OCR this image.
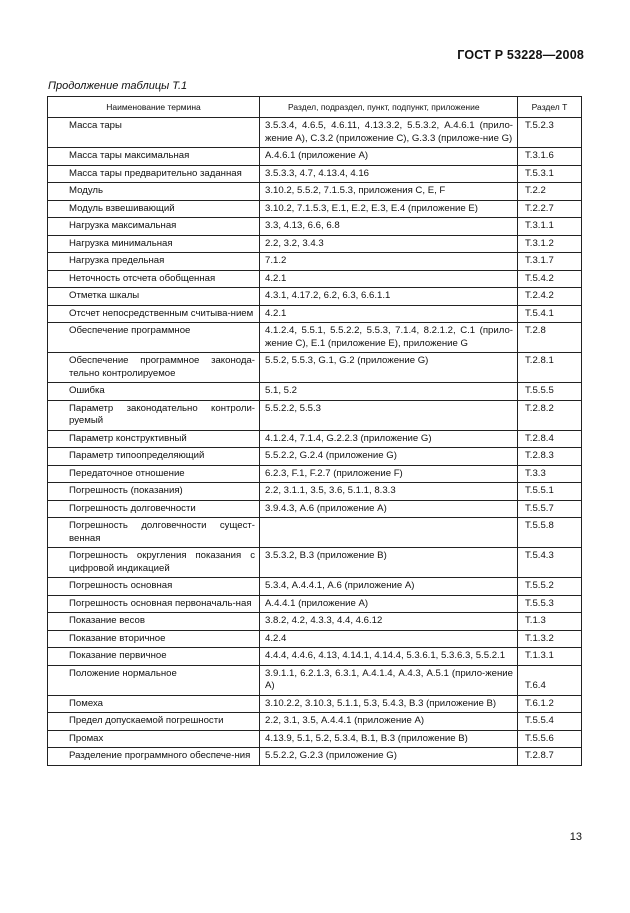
ГОСТ Р 53228—2008
Продолжение таблицы Т.1
Наименование термина	Раздел, подраздел, пункт, подпункт, приложение	Раздел Т
Масса тары	3.5.3.4, 4.6.5, 4.6.11, 4.13.3.2, 5.5.3.2, А.4.6.1 (прило-жение А), С.3.2 (приложение С), G.3.3 (приложе-ние G)	Т.5.2.3
Масса тары максимальная	А.4.6.1 (приложение А)	Т.3.1.6
Масса тары предварительно заданная	3.5.3.3, 4.7, 4.13.4, 4.16	Т.5.3.1
Модуль	3.10.2, 5.5.2, 7.1.5.3, приложения С, Е, F	Т.2.2
Модуль взвешивающий	3.10.2, 7.1.5.3, Е.1, Е.2, Е.3, Е.4 (приложение Е)	Т.2.2.7
Нагрузка максимальная	3.3, 4.13, 6.6, 6.8	Т.3.1.1
Нагрузка минимальная	2.2, 3.2, 3.4.3	Т.3.1.2
Нагрузка предельная	7.1.2	Т.3.1.7
Неточность отсчета обобщенная	4.2.1	Т.5.4.2
Отметка шкалы	4.3.1, 4.17.2, 6.2, 6.3, 6.6.1.1	Т.2.4.2
Отсчет непосредственным считыва-нием	4.2.1	Т.5.4.1
Обеспечение программное	4.1.2.4, 5.5.1, 5.5.2.2, 5.5.3, 7.1.4, 8.2.1.2, С.1 (прило-жение С), Е.1 (приложение Е), приложение G	Т.2.8
Обеспечение программное законода-тельно контролируемое	5.5.2, 5.5.3, G.1, G.2 (приложение G)	Т.2.8.1
Ошибка	5.1, 5.2	Т.5.5.5
Параметр законодательно контроли-руемый	5.5.2.2, 5.5.3	Т.2.8.2
Параметр конструктивный	4.1.2.4, 7.1.4, G.2.2.3 (приложение G)	Т.2.8.4
Параметр типоопределяющий	5.5.2.2, G.2.4 (приложение G)	Т.2.8.3
Передаточное отношение	6.2.3, F.1, F.2.7 (приложение F)	Т.3.3
Погрешность (показания)	2.2, 3.1.1, 3.5, 3.6, 5.1.1, 8.3.3	Т.5.5.1
Погрешность долговечности	3.9.4.3, А.6 (приложение А)	Т.5.5.7
Погрешность долговечности сущест-венная		Т.5.5.8
Погрешность округления показания с цифровой индикацией	3.5.3.2, В.3 (приложение В)	Т.5.4.3
Погрешность основная	5.3.4, А.4.4.1, А.6 (приложение А)	Т.5.5.2
Погрешность основная первоначаль-ная	А.4.4.1 (приложение А)	Т.5.5.3
Показание весов	3.8.2, 4.2, 4.3.3, 4.4, 4.6.12	Т.1.3
Показание вторичное	4.2.4	Т.1.3.2
Показание первичное	4.4.4, 4.4.6, 4.13, 4.14.1, 4.14.4, 5.3.6.1, 5.3.6.3, 5.5.2.1	Т.1.3.1
Положение нормальное	3.9.1.1, 6.2.1.3, 6.3.1, А.4.1.4, А.4.3, А.5.1 (прило-жение А)	Т.6.4
Помеха	3.10.2.2, 3.10.3, 5.1.1, 5.3, 5.4.3, В.3 (приложение В)	Т.6.1.2
Предел допускаемой погрешности	2.2, 3.1, 3.5, А.4.4.1 (приложение А)	Т.5.5.4
Промах	4.13.9, 5.1, 5.2, 5.3.4, В.1, В.3 (приложение В)	Т.5.5.6
Разделение программного обеспече-ния	5.5.2.2, G.2.3 (приложение G)	Т.2.8.7
13
